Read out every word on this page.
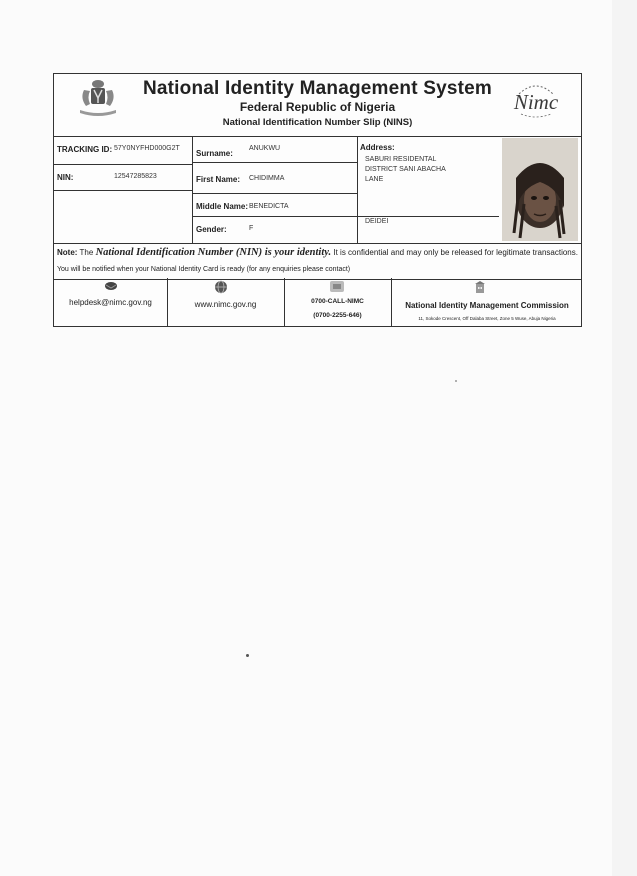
National Identity Management System
Federal Republic of Nigeria
National Identification Number Slip (NINS)
Nimc
TRACKING ID: 57Y0NYFHD000G2T
NIN:	12547285823
Surname:
ANUKWU
First Name: CHIDIMMA
Middle Name: BENEDICTA
Gender:	F
Address:
SABURI RESIDENTAL
DISTRICT SANI ABACHA
LANE
DEIDEI
Note: The National Identification Number (NIN) is your identity. It is confidential and may only be released for legitimate transactions.
You will be notified when your National Identity Card is ready (for any enquiries please contact)
helpdesk@nimc.gov.ng	www.nimc.gov.ng	0700-CALL-NIMC
(0700-2255-646)
National Identity Management Commission
11, Sokode Crescent, Off Dalaba Street, Zone 5 Wuse, Abuja Nigeria
